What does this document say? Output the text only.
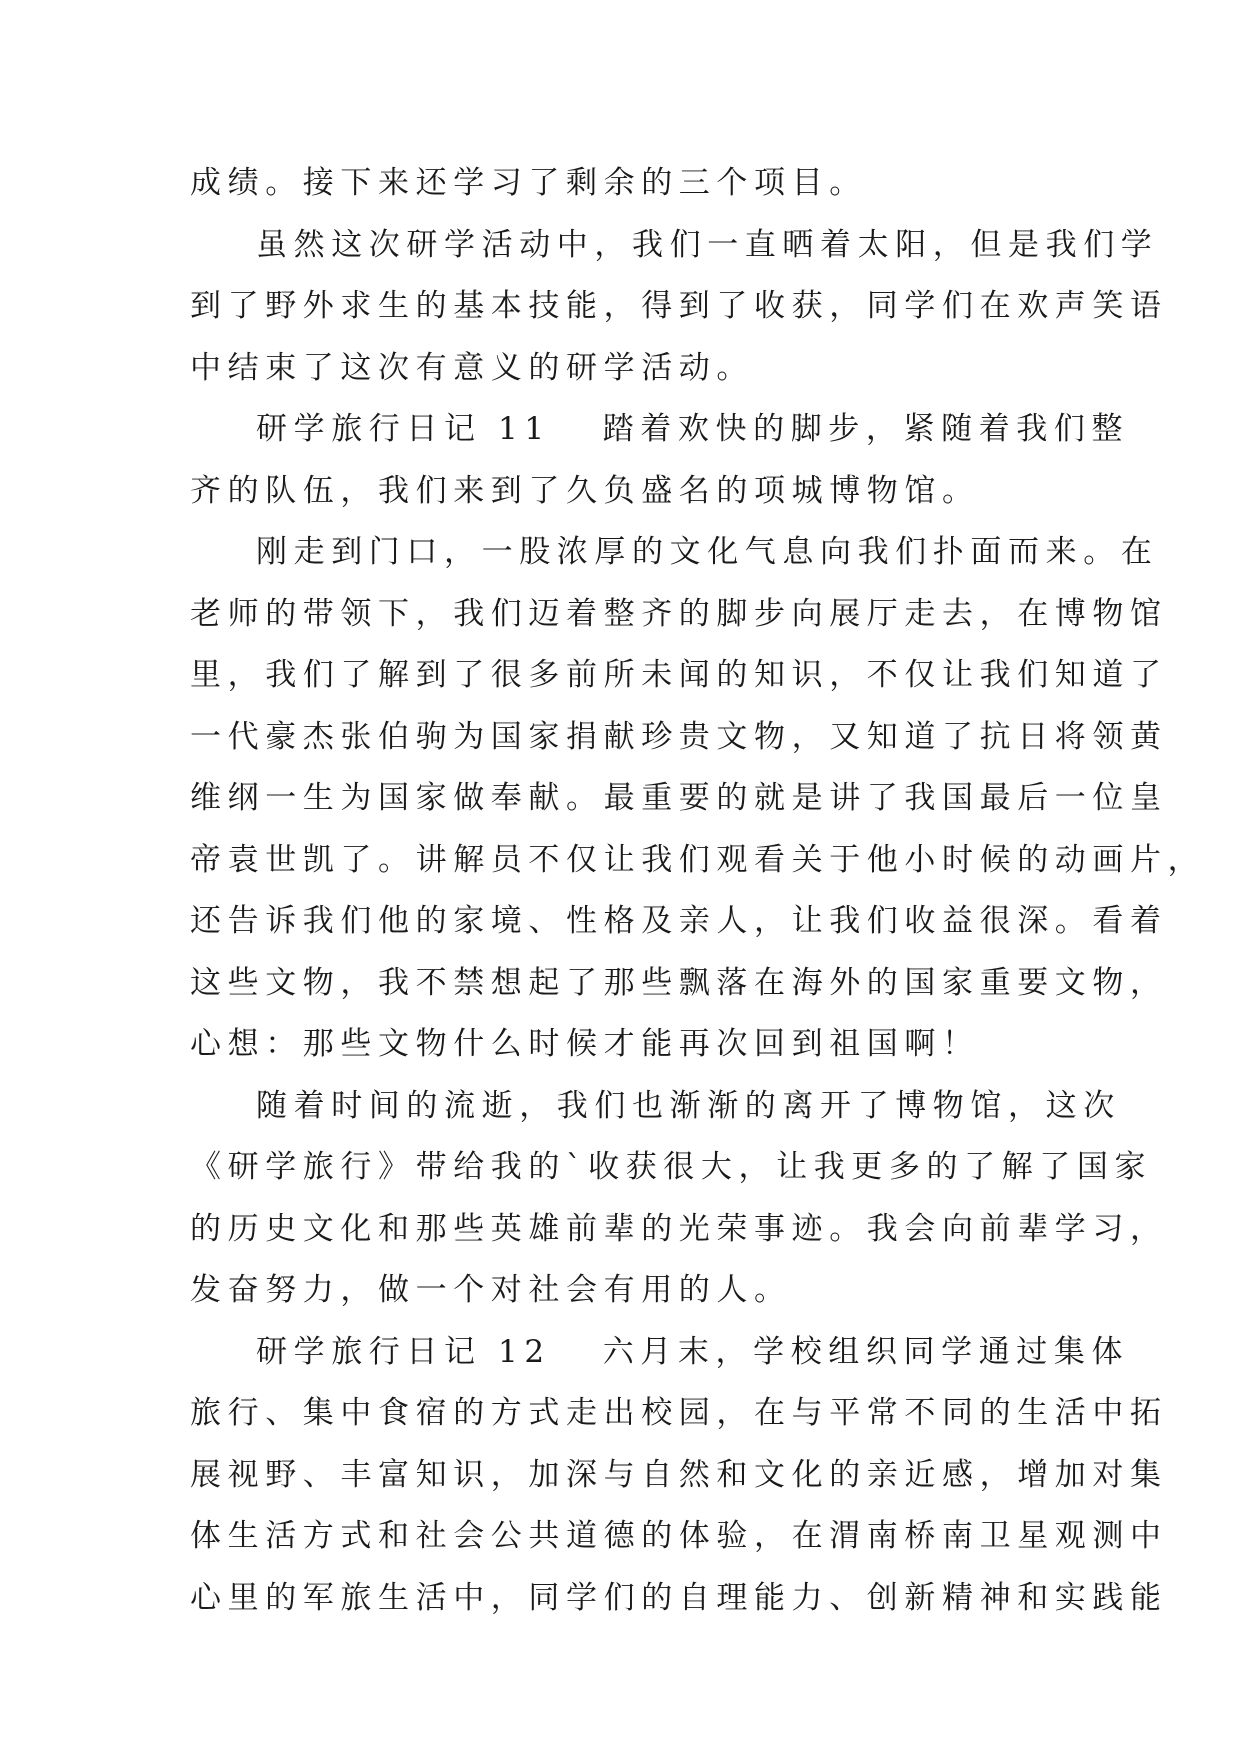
成绩。接下来还学习了剩余的三个项目。
虽然这次研学活动中，我们一直晒着太阳，但是我们学
到了野外求生的基本技能，得到了收获，同学们在欢声笑语
中结束了这次有意义的研学活动。
研学旅行日记 11 踏着欢快的脚步，紧随着我们整
齐的队伍，我们来到了久负盛名的项城博物馆。
刚走到门口，一股浓厚的文化气息向我们扑面而来。在
老师的带领下，我们迈着整齐的脚步向展厅走去，在博物馆
里，我们了解到了很多前所未闻的知识，不仅让我们知道了
一代豪杰张伯驹为国家捐献珍贵文物，又知道了抗日将领黄
维纲一生为国家做奉献。最重要的就是讲了我国最后一位皇
帝袁世凯了。讲解员不仅让我们观看关于他小时候的动画片，
还告诉我们他的家境、性格及亲人，让我们收益很深。看着
这些文物，我不禁想起了那些飘落在海外的国家重要文物，
心想：那些文物什么时候才能再次回到祖国啊！
随着时间的流逝，我们也渐渐的离开了博物馆，这次
《研学旅行》带给我的`收获很大，让我更多的了解了国家
的历史文化和那些英雄前辈的光荣事迹。我会向前辈学习，
发奋努力，做一个对社会有用的人。
研学旅行日记 12 六月末，学校组织同学通过集体
旅行、集中食宿的方式走出校园，在与平常不同的生活中拓
展视野、丰富知识，加深与自然和文化的亲近感，增加对集
体生活方式和社会公共道德的体验，在渭南桥南卫星观测中
心里的军旅生活中，同学们的自理能力、创新精神和实践能
